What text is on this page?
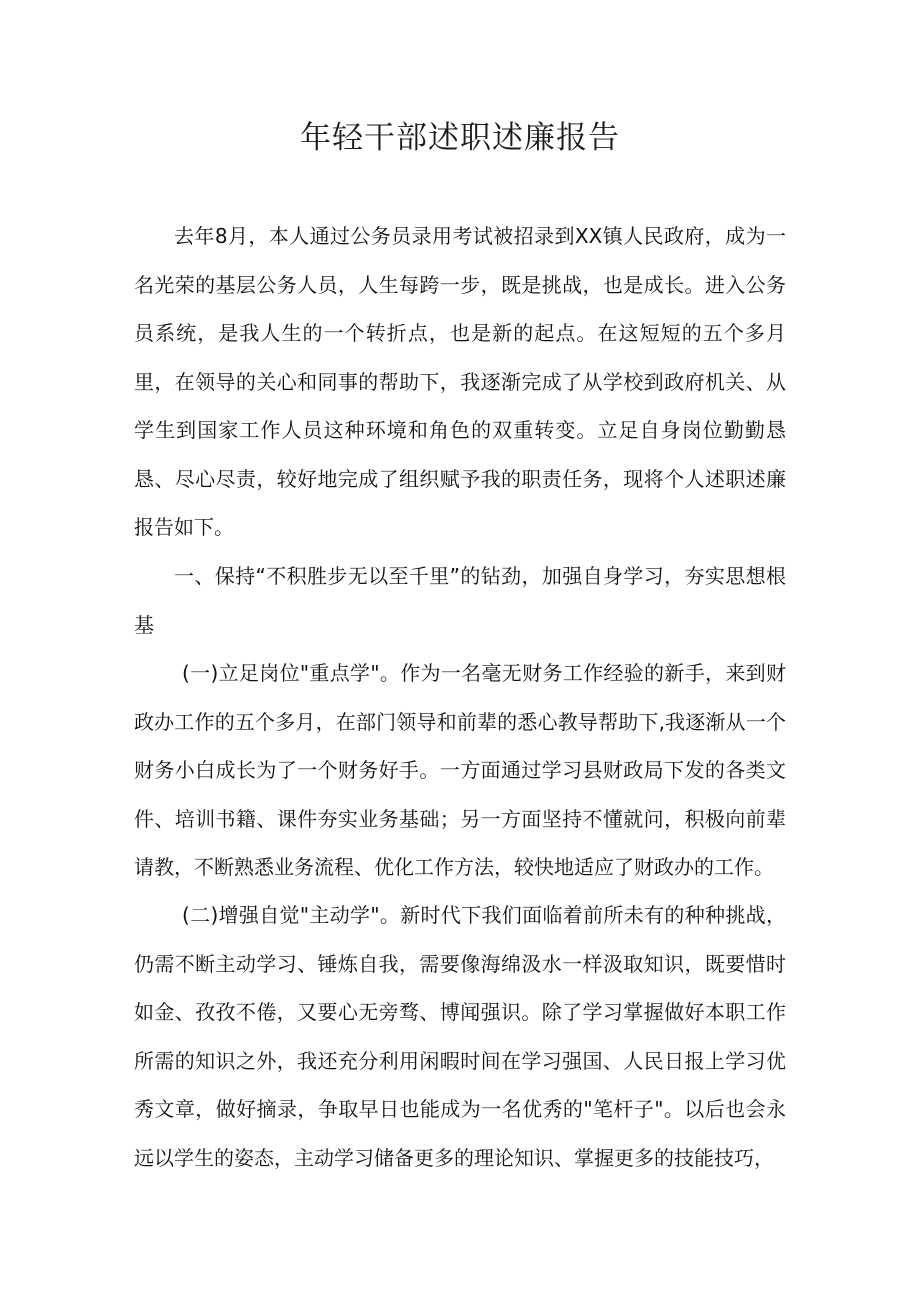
年轻干部述职述廉报告

去年8月，本人通过公务员录用考试被招录到XX镇人民政府，成为一名光荣的基层公务人员，人生每跨一步，既是挑战，也是成长。进入公务员系统，是我人生的一个转折点，也是新的起点。在这短短的五个多月里，在领导的关心和同事的帮助下，我逐渐完成了从学校到政府机关、从学生到国家工作人员这种环境和角色的双重转变。立足自身岗位勤勤恳恳、尽心尽责，较好地完成了组织赋予我的职责任务，现将个人述职述廉报告如下。

一、保持“不积胜步无以至千里”的钻劲，加强自身学习，夯实思想根基

(一)立足岗位"重点学"。作为一名毫无财务工作经验的新手，来到财政办工作的五个多月，在部门领导和前辈的悉心教导帮助下,我逐渐从一个财务小白成长为了一个财务好手。一方面通过学习县财政局下发的各类文件、培训书籍、课件夯实业务基础；另一方面坚持不懂就问，积极向前辈请教，不断熟悉业务流程、优化工作方法，较快地适应了财政办的工作。

(二)增强自觉"主动学"。新时代下我们面临着前所未有的种种挑战，仍需不断主动学习、锤炼自我，需要像海绵汲水一样汲取知识，既要惜时如金、孜孜不倦，又要心无旁骛、博闻强识。除了学习掌握做好本职工作所需的知识之外，我还充分利用闲暇时间在学习强国、人民日报上学习优秀文章，做好摘录，争取早日也能成为一名优秀的"笔杆子"。以后也会永远以学生的姿态，主动学习储备更多的理论知识、掌握更多的技能技巧，
